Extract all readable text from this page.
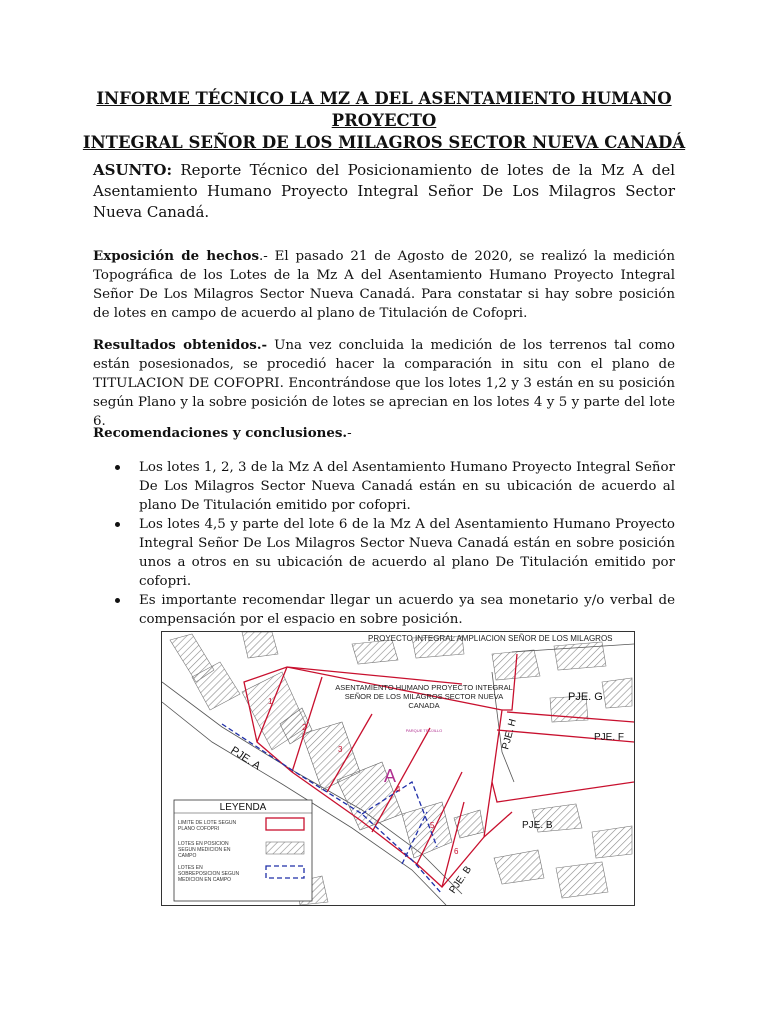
INFORME TÉCNICO LA MZ A DEL ASENTAMIENTO HUMANO PROYECTO
INTEGRAL SEÑOR DE LOS MILAGROS SECTOR NUEVA CANADÁ

ASUNTO: Reporte Técnico del Posicionamiento de lotes de la Mz A del Asentamiento Humano Proyecto Integral Señor De Los Milagros Sector Nueva Canadá.

Exposición de hechos.- El pasado 21 de Agosto de 2020, se realizó la medición Topográfica de los Lotes de la Mz A del Asentamiento Humano Proyecto Integral Señor De Los Milagros Sector Nueva Canadá. Para constatar si hay sobre posición de lotes en campo de acuerdo al plano de Titulación de Cofopri.

Resultados obtenidos.- Una vez concluida la medición de los terrenos tal como están posesionados, se procedió hacer la comparación in situ con el plano de TITULACION DE COFOPRI. Encontrándose que los lotes 1,2 y 3 están en su posición según Plano y la sobre posición de lotes se aprecian en los lotes 4 y 5 y parte del lote 6.

Recomendaciones y conclusiones.-

Los lotes 1, 2, 3 de la Mz A del Asentamiento Humano Proyecto Integral Señor De Los Milagros Sector Nueva Canadá están en su ubicación de acuerdo al plano De Titulación emitido por cofopri.
Los lotes 4,5 y parte del lote 6 de la Mz A del Asentamiento Humano Proyecto Integral Señor De Los Milagros Sector Nueva Canadá están en sobre posición unos a otros en su ubicación de acuerdo al plano De Titulación emitido por cofopri.
Es importante recomendar llegar un acuerdo ya sea monetario y/o verbal de compensación por el espacio en sobre posición.
PROYECTO INTEGRAL AMPLIACION SEÑOR DE LOS MILAGROS
ASENTAMIENTO HUMANO PROYECTO INTEGRAL
SEÑOR DE LOS MILAGROS SECTOR NUEVA
CANADA
PARQUE TRUJILLO
A
1
2
3
4
5
6
PJE. A
PJE. B
PJE. B
PJE. G
PJE. H	PJE. F
LEYENDA
LIMITE DE LOTE SEGUN
PLANO COFOPRI
LOTES EN POSICION
SEGUN MEDICION EN
CAMPO
LOTES EN
SOBREPOSICION SEGUN
MEDICION EN CAMPO
